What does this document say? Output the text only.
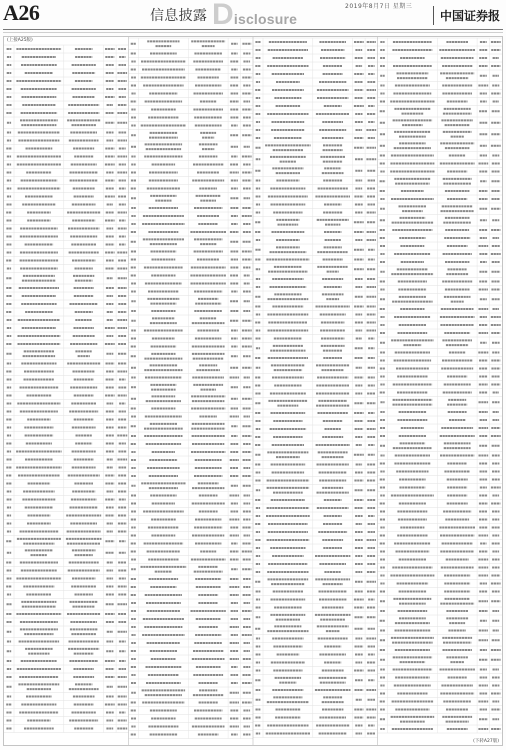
A26	信息披露 Disclosure
2019年8月7日 星期三
中国证券报
(上接A25版)
(下转A27版)
